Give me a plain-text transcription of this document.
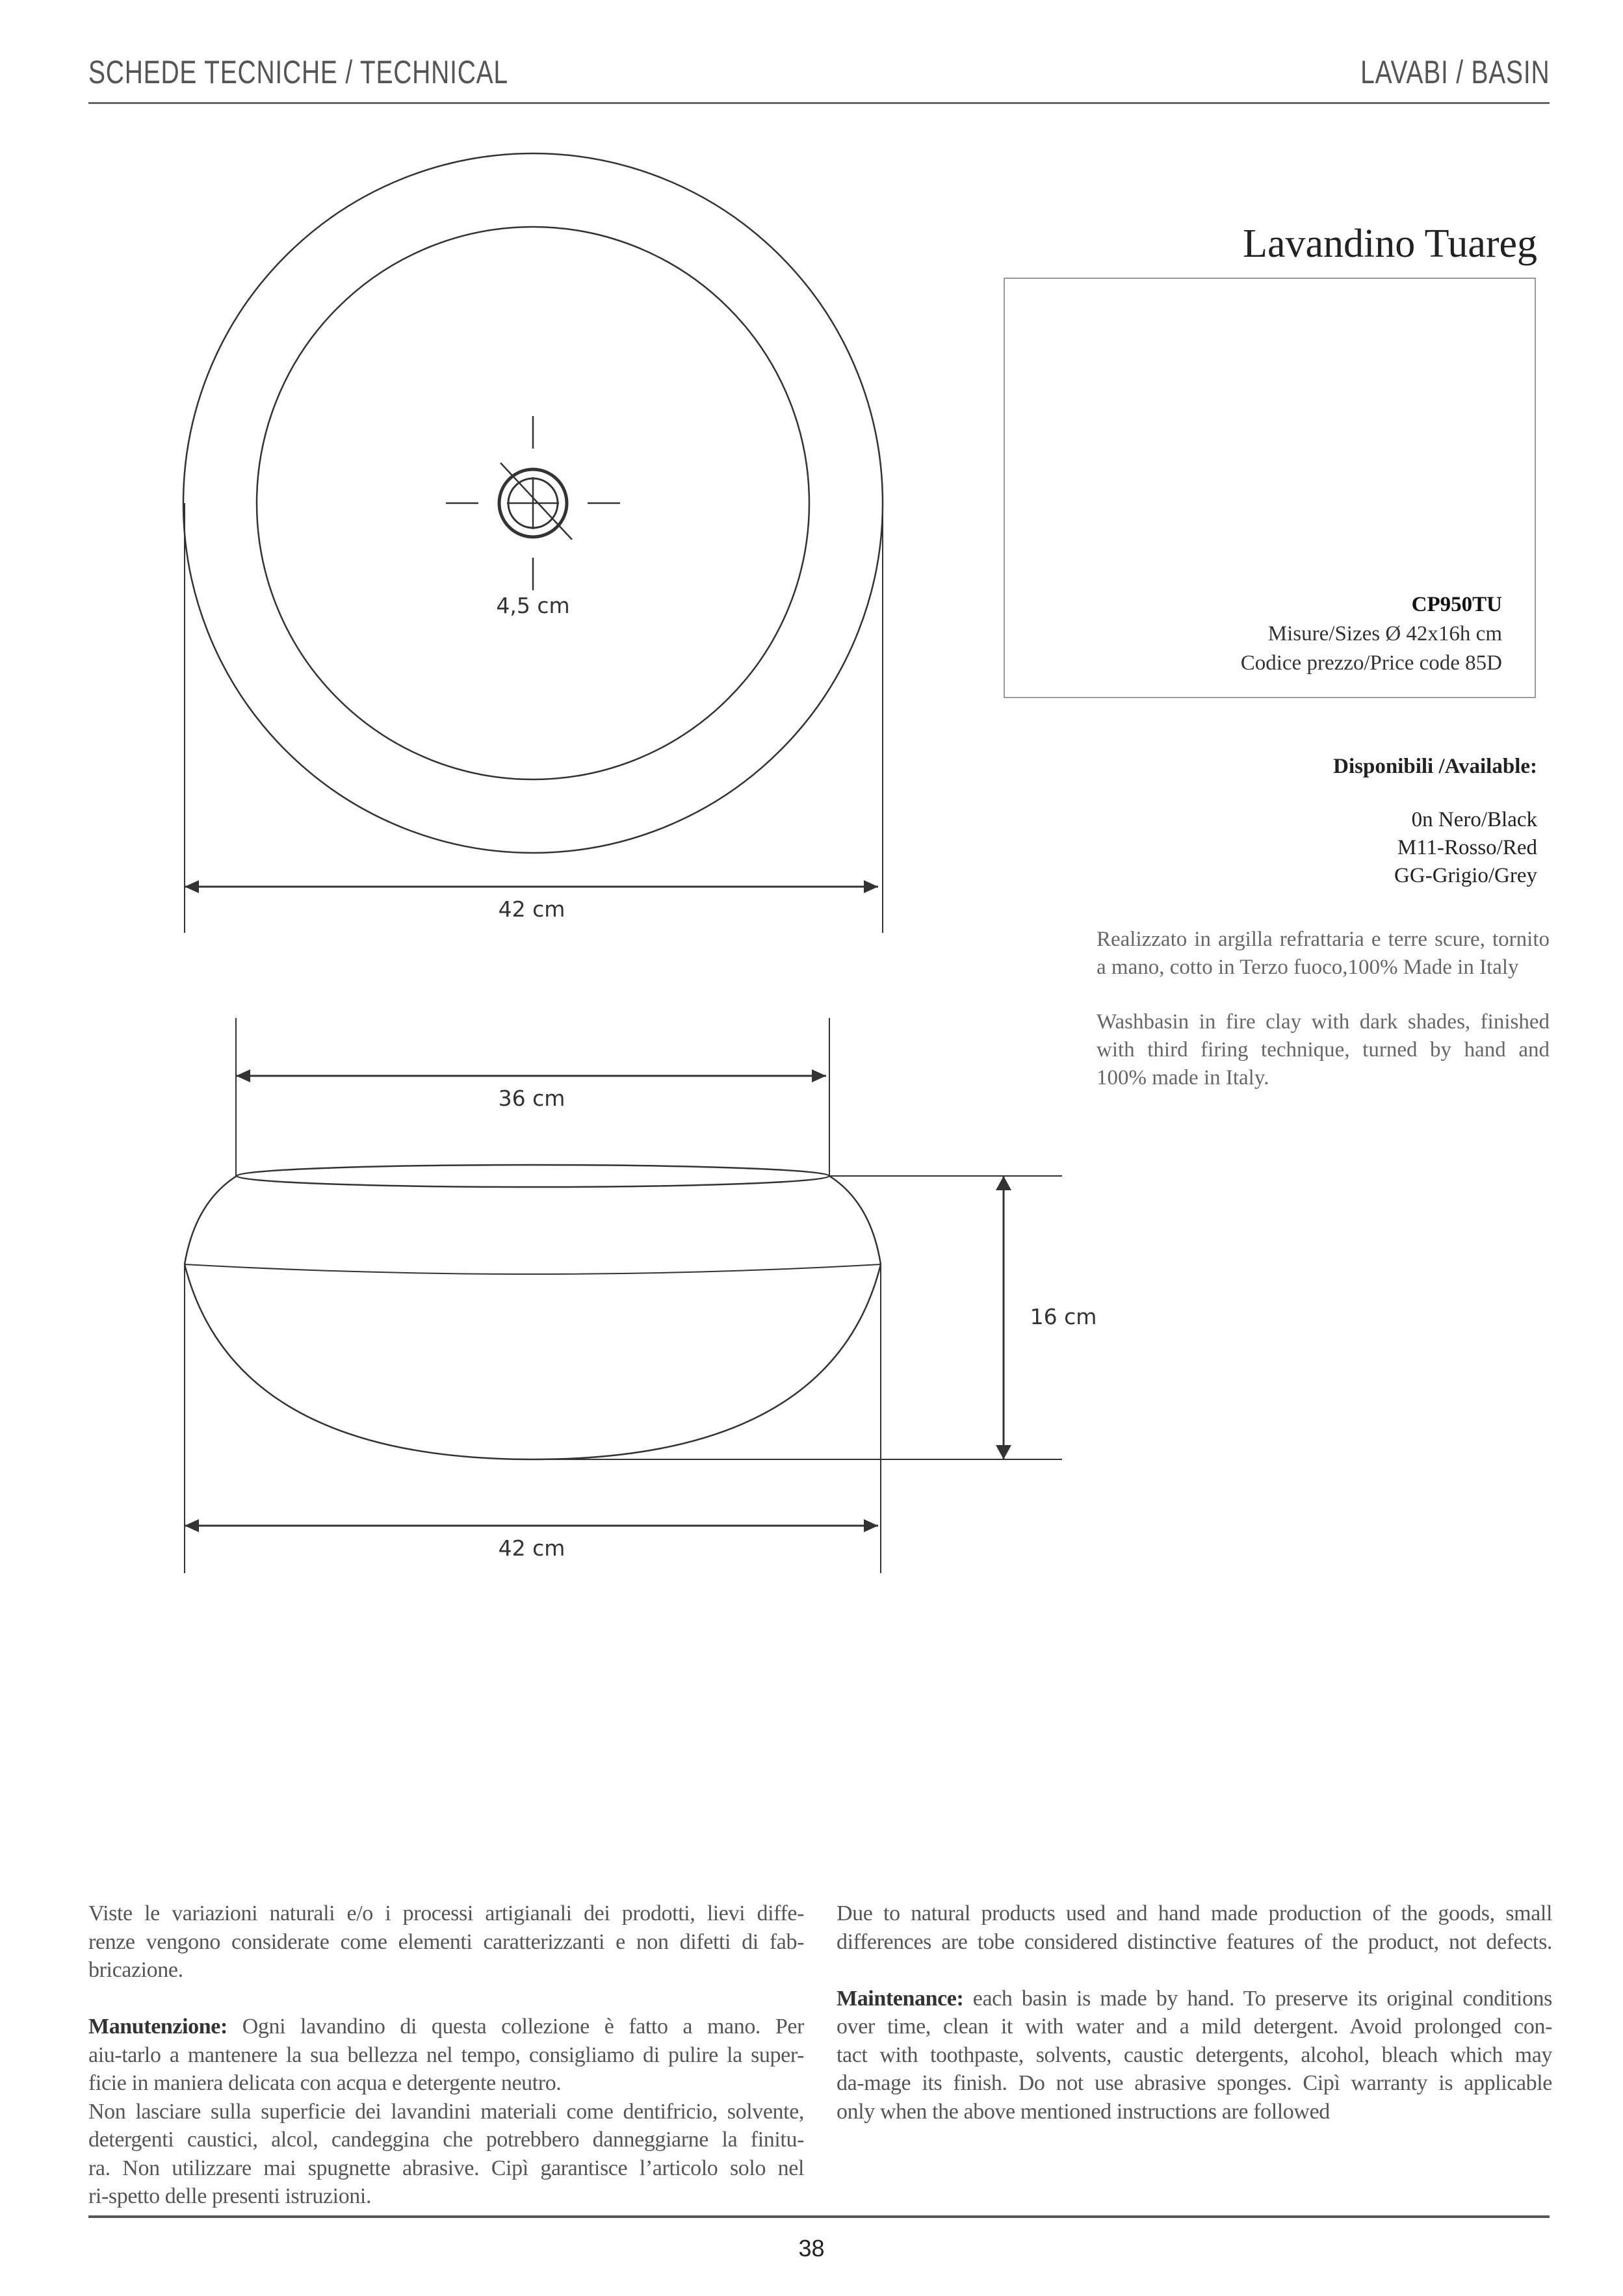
SCHEDE TECNICHE / TECHNICAL	LAVABI / BASIN
4,5 cm
42 cm
36 cm
16 cm
42 cm
Lavandino Tuareg
CP950TU
Misure/Sizes Ø 42x16h cm
Codice prezzo/Price code 85D
Disponibili /Available:
0n Nero/Black
M11-Rosso/Red
GG-Grigio/Grey
Realizzato in argilla refrattaria e terre scure, tornito
a mano, cotto in Terzo fuoco,100% Made in Italy
Washbasin in fire clay with dark shades, finished
with third firing technique, turned by hand and
100% made in Italy.
Viste le variazioni naturali e/o i processi artigianali dei prodotti, lievi diffe-
renze vengono considerate come elementi caratterizzanti e non difetti di fab-
bricazione.

Manutenzione: Ogni lavandino di questa collezione è fatto a mano. Per
aiu-tarlo a mantenere la sua bellezza nel tempo, consigliamo di pulire la super-
ficie in maniera delicata con acqua e detergente neutro.
Non lasciare sulla superficie dei lavandini materiali come dentifricio, solvente,
detergenti caustici, alcol, candeggina che potrebbero danneggiarne la finitu-
ra. Non utilizzare mai spugnette abrasive. Cipì garantisce l’articolo solo nel
ri-spetto delle presenti istruzioni.
Due to natural products used and hand made production of the goods, small
differences are tobe considered distinctive features of the product, not defects.

Maintenance: each basin is made by hand. To preserve its original conditions
over time, clean it with water and a mild detergent. Avoid prolonged con-
tact with toothpaste, solvents, caustic detergents, alcohol, bleach which may
da-mage its finish. Do not use abrasive sponges. Cipì warranty is applicable
only when the above mentioned instructions are followed
38
